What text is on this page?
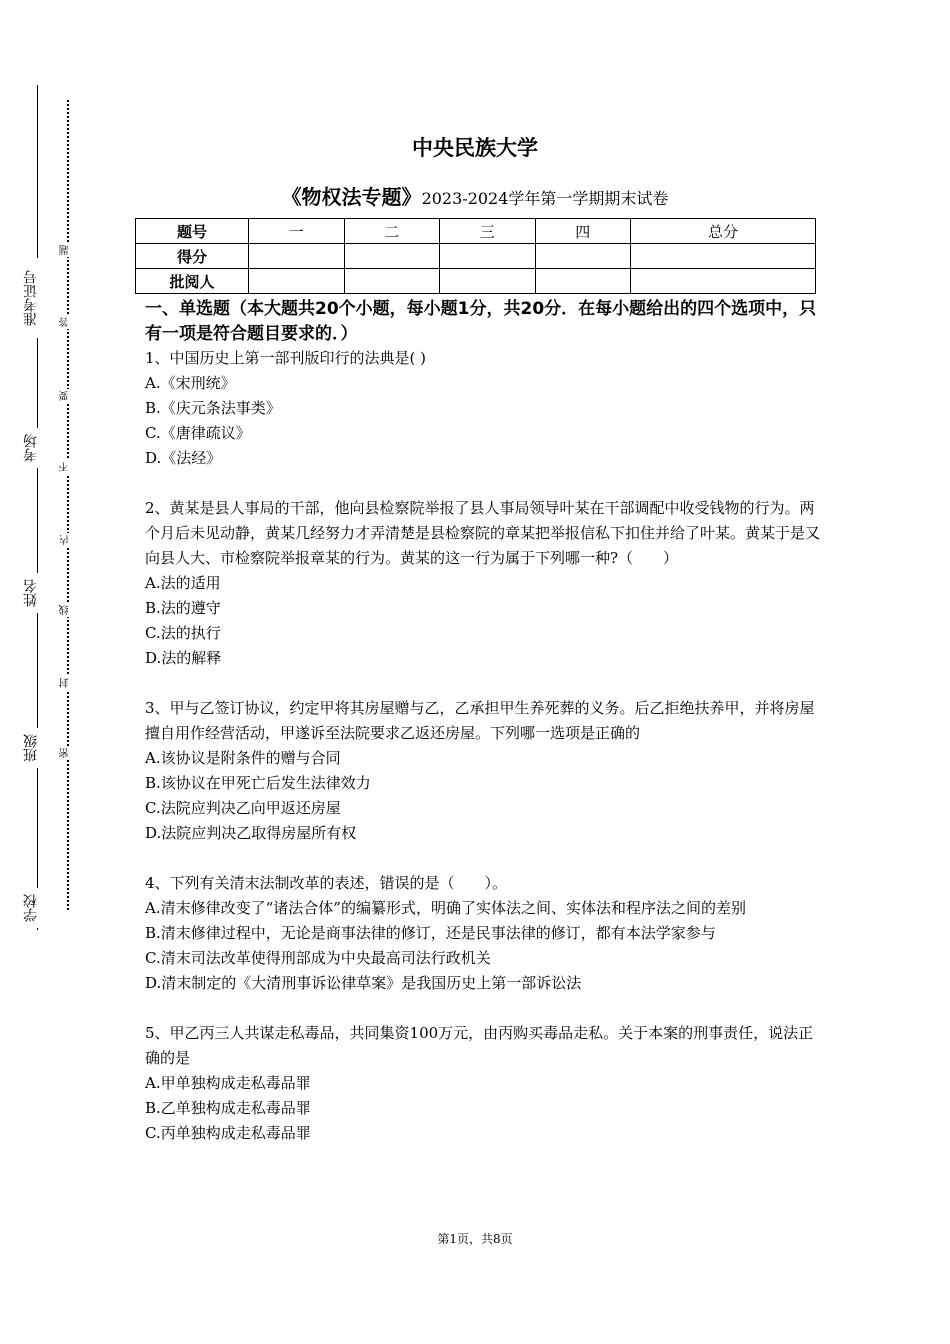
准考证号
考场
姓名
班级
学校
题
答
要
不
内
线
封
密
中央民族大学
《物权法专题》2023-2024学年第一学期期末试卷
题号	一	二	三	四	总分
得分					
批阅人					
一、单选题（本大题共20个小题，每小题1分，共20分．在每小题给出的四个选项中，只有一项是符合题目要求的．）

1、中国历史上第一部刊版印行的法典是( )

A.《宋刑统》

B.《庆元条法事类》

C.《唐律疏议》

D.《法经》

2、黄某是县人事局的干部，他向县检察院举报了县人事局领导叶某在干部调配中收受钱物的行为。两个月后未见动静，黄某几经努力才弄清楚是县检察院的章某把举报信私下扣住并给了叶某。黄某于是又向县人大、市检察院举报章某的行为。黄某的这一行为属于下列哪一种?（　　）

A.法的适用

B.法的遵守

C.法的执行

D.法的解释

3、甲与乙签订协议，约定甲将其房屋赠与乙，乙承担甲生养死葬的义务。后乙拒绝扶养甲，并将房屋擅自用作经营活动，甲遂诉至法院要求乙返还房屋。下列哪一选项是正确的

A.该协议是附条件的赠与合同

B.该协议在甲死亡后发生法律效力

C.法院应判决乙向甲返还房屋

D.法院应判决乙取得房屋所有权

4、下列有关清末法制改革的表述，错误的是（　　）。

A.清末修律改变了“诸法合体”的编纂形式，明确了实体法之间、实体法和程序法之间的差别

B.清末修律过程中，无论是商事法律的修订，还是民事法律的修订，都有本法学家参与

C.清末司法改革使得刑部成为中央最高司法行政机关

D.清末制定的《大清刑事诉讼律草案》是我国历史上第一部诉讼法

5、甲乙丙三人共谋走私毒品，共同集资100万元，由丙购买毒品走私。关于本案的刑事责任，说法正确的是

A.甲单独构成走私毒品罪

B.乙单独构成走私毒品罪

C.丙单独构成走私毒品罪

第1页，共8页
